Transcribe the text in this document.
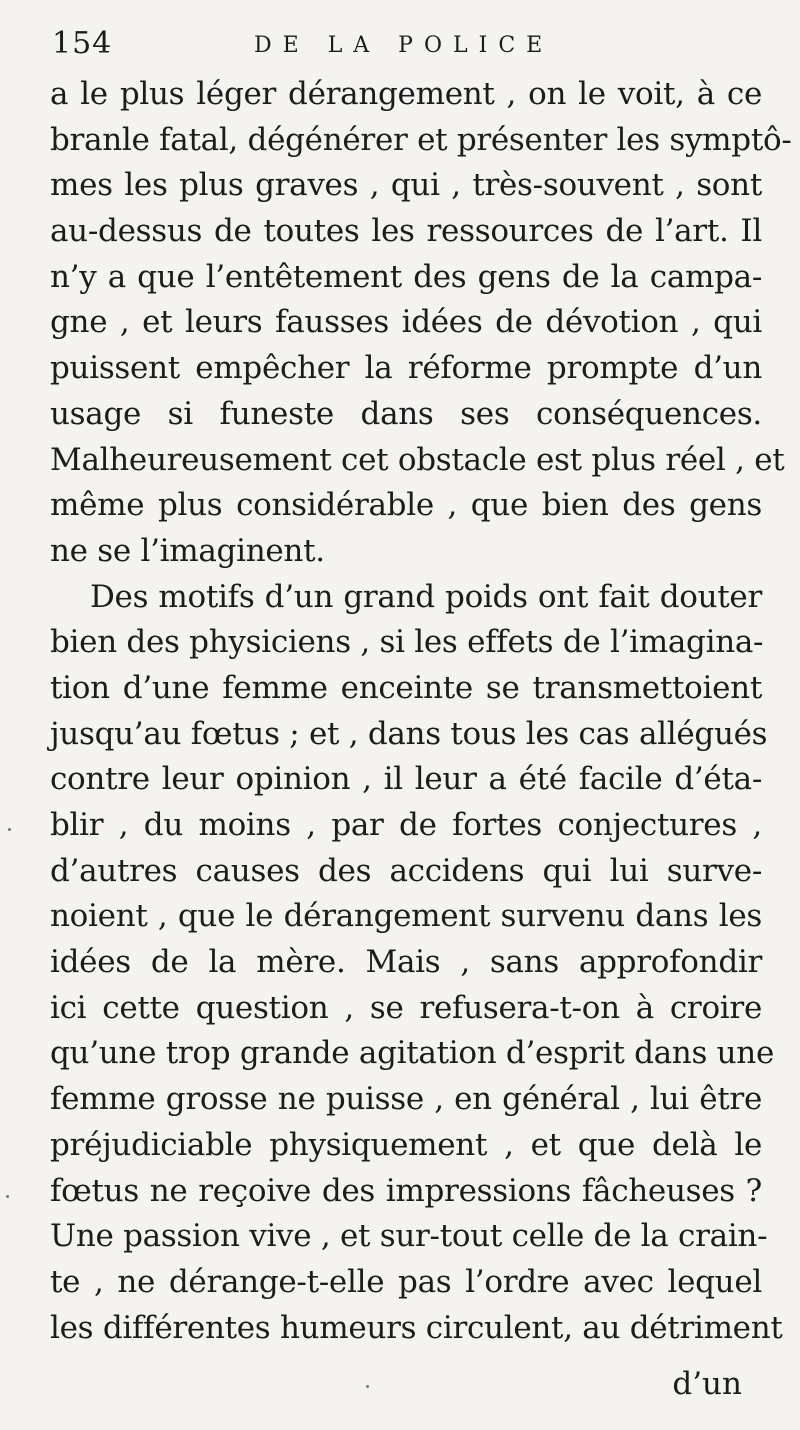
154	DE LA POLICE
a le plus léger dérangement , on le voit, à ce
branle fatal, dégénérer et présenter les symptô-
mes les plus graves , qui , très-souvent , sont
au-dessus de toutes les ressources de l’art. Il
n’y a que l’entêtement des gens de la campa-
gne , et leurs fausses idées de dévotion , qui
puissent empêcher la réforme prompte d’un
usage si funeste dans ses conséquences.
Malheureusement cet obstacle est plus réel , et
même plus considérable , que bien des gens
ne se l’imaginent.
Des motifs d’un grand poids ont fait douter
bien des physiciens , si les effets de l’imagina-
tion d’une femme enceinte se transmettoient
jusqu’au fœtus ; et , dans tous les cas allégués
contre leur opinion , il leur a été facile d’éta-
blir , du moins , par de fortes conjectures ,
d’autres causes des accidens qui lui surve-
noient , que le dérangement survenu dans les
idées de la mère. Mais , sans approfondir
ici cette question , se refusera-t-on à croire
qu’une trop grande agitation d’esprit dans une
femme grosse ne puisse , en général , lui être
préjudiciable physiquement , et que delà le
fœtus ne reçoive des impressions fâcheuses ?
Une passion vive , et sur-tout celle de la crain-
te , ne dérange-t-elle pas l’ordre avec lequel
les différentes humeurs circulent, au détriment
d’un
